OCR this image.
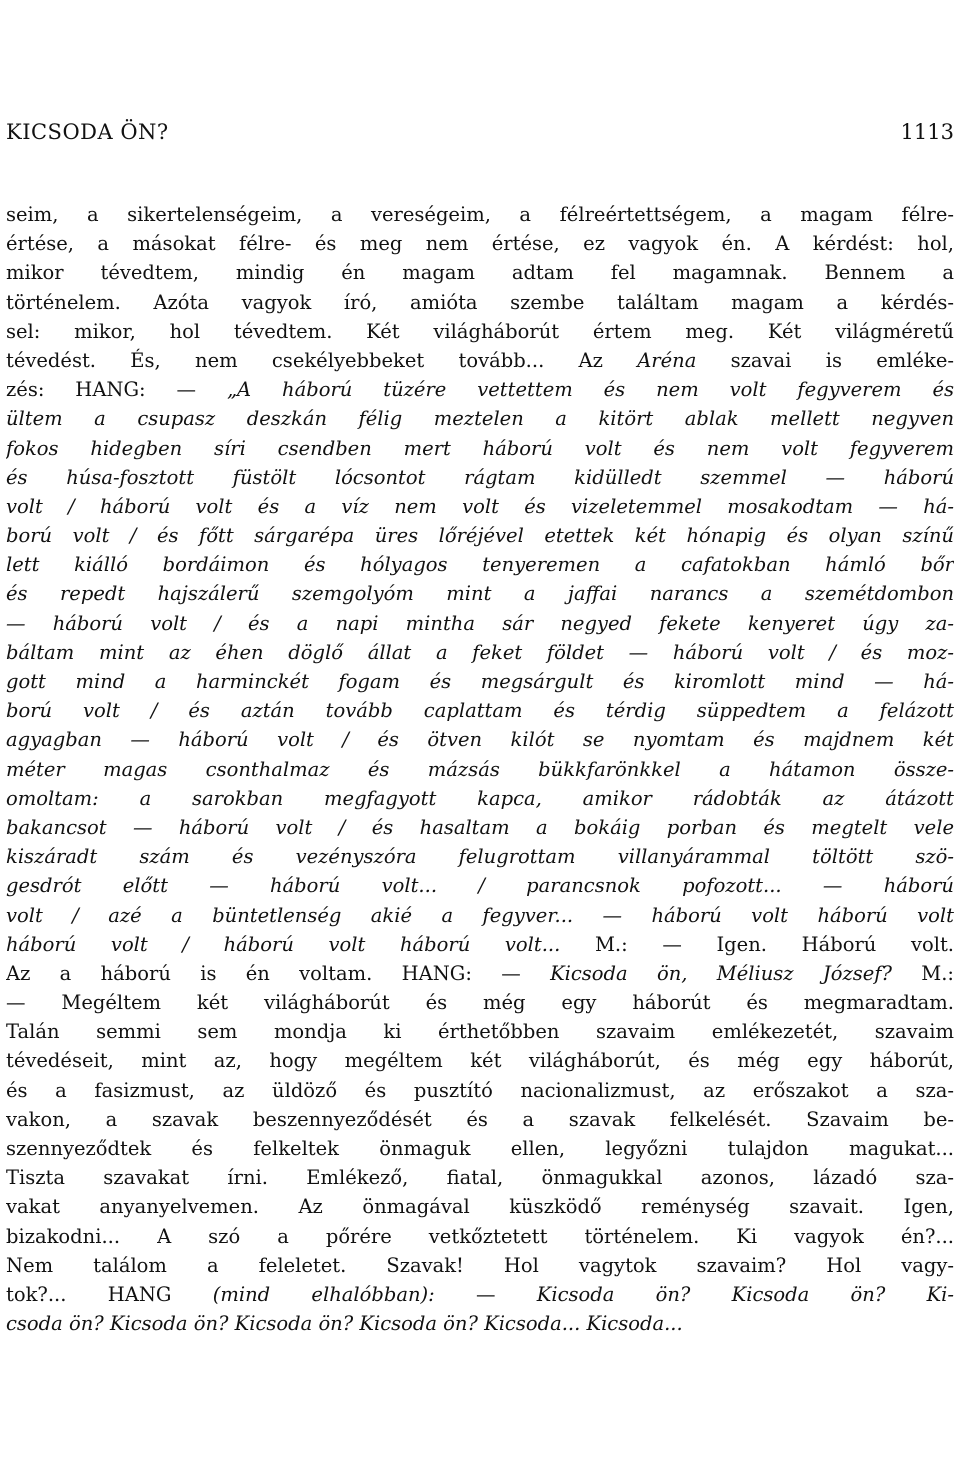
KICSODA ÖN?	1113
seim, a sikertelenségeim, a vereségeim, a félreértettségem, a magam félre-
értése, a másokat félre- és meg nem értése, ez vagyok én. A kérdést: hol,
mikor tévedtem, mindig én magam adtam fel magamnak. Bennem a
történelem. Azóta vagyok író, amióta szembe találtam magam a kérdés-
sel: mikor, hol tévedtem. Két világháborút értem meg. Két világméretű
tévedést. És, nem csekélyebbeket tovább... Az Aréna szavai is emléke-
zés: HANG: — „A háború tüzére vettettem és nem volt fegyverem és
ültem a csupasz deszkán félig meztelen a kitört ablak mellett negyven
fokos hidegben síri csendben mert háború volt és nem volt fegyverem
és húsa-fosztott füstölt lócsontot rágtam kidülledt szemmel — háború
volt / háború volt és a víz nem volt és vizeletemmel mosakodtam — há-
ború volt / és főtt sárgarépa üres lőréjével etettek két hónapig és olyan színű
lett kiálló bordáimon és hólyagos tenyeremen a cafatokban hámló bőr
és repedt hajszálerű szemgolyóm mint a jaffai narancs a szemétdombon
— háború volt / és a napi mintha sár negyed fekete kenyeret úgy za-
báltam mint az éhen döglő állat a feket földet — háború volt / és moz-
gott mind a harminckét fogam és megsárgult és kiromlott mind — há-
ború volt / és aztán tovább caplattam és térdig süppedtem a felázott
agyagban — háború volt / és ötven kilót se nyomtam és majdnem két
méter magas csonthalmaz és mázsás bükkfarönkkel a hátamon össze-
omoltam: a sarokban megfagyott kapca, amikor rádobták az átázott
bakancsot — háború volt / és hasaltam a bokáig porban és megtelt vele
kiszáradt szám és vezényszóra felugrottam villanyárammal töltött szö-
gesdrót előtt — háború volt... / parancsnok pofozott... — háború
volt / azé a büntetlenség akié a fegyver... — háború volt háború volt
háború volt / háború volt háború volt... M.: — Igen. Háború volt.
Az a háború is én voltam. HANG: — Kicsoda ön, Méliusz József? M.:
— Megéltem két világháborút és még egy háborút és megmaradtam.
Talán semmi sem mondja ki érthetőbben szavaim emlékezetét, szavaim
tévedéseit, mint az, hogy megéltem két világháborút, és még egy háborút,
és a fasizmust, az üldöző és pusztító nacionalizmust, az erőszakot a sza-
vakon, a szavak beszennyeződését és a szavak felkelését. Szavaim be-
szennyeződtek és felkeltek önmaguk ellen, legyőzni tulajdon magukat...
Tiszta szavakat írni. Emlékező, fiatal, önmagukkal azonos, lázadó sza-
vakat anyanyelvemen. Az önmagával küszködő reménység szavait. Igen,
bizakodni... A szó a pőrére vetkőztetett történelem. Ki vagyok én?...
Nem találom a feleletet. Szavak! Hol vagytok szavaim? Hol vagy-
tok?... HANG (mind elhalóbban): — Kicsoda ön? Kicsoda ön? Ki-
csoda ön? Kicsoda ön? Kicsoda ön? Kicsoda ön? Kicsoda... Kicsoda...
